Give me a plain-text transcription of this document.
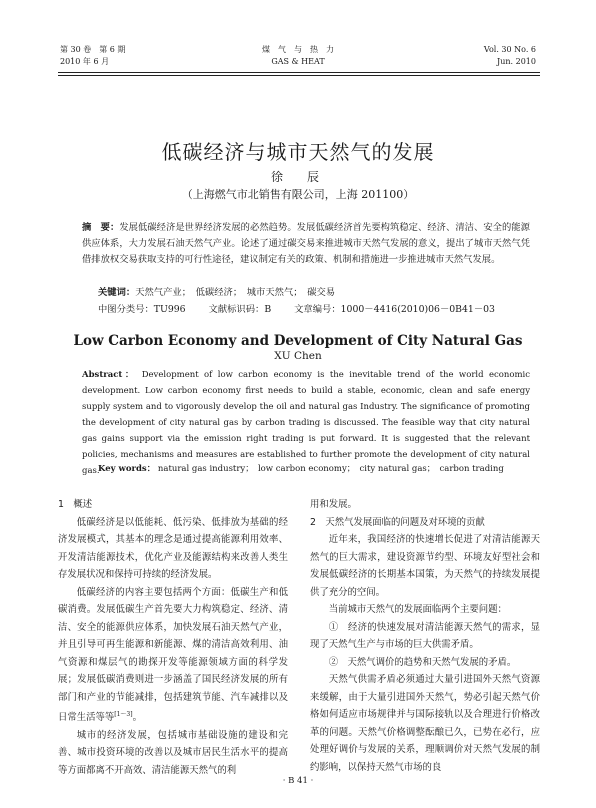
第 30 卷　第 6 期
2010 年 6 月
煤　气　与　热　力
GAS & HEAT
Vol. 30 No. 6
Jun. 2010
低碳经济与城市天然气的发展
徐　辰
（上海燃气市北销售有限公司，上海 201100）
摘　要：发展低碳经济是世界经济发展的必然趋势。发展低碳经济首先要构筑稳定、经济、清洁、安全的能源供应体系，大力发展石油天然气产业。论述了通过碳交易来推进城市天然气发展的意义，提出了城市天然气凭借排放权交易获取支持的可行性途径，建议制定有关的政策、机制和措施进一步推进城市天然气发展。
关键词：天然气产业；　低碳经济；　城市天然气；　碳交易
中图分类号：TU996 文献标识码：B 文章编号：1000－4416(2010)06－0B41－03
Low Carbon Economy and Development of City Natural Gas
XU Chen
Abstract： Development of low carbon economy is the inevitable trend of the world economic development. Low carbon economy first needs to build a stable, economic, clean and safe energy supply system and to vigorously develop the oil and natural gas Industry. The significance of promoting the development of city natural gas by carbon trading is discussed. The feasible way that city natural gas gains support via the emission right trading is put forward. It is suggested that the relevant policies, mechanisms and measures are established to further promote the development of city natural gas.
Key words： natural gas industry；　low carbon economy；　city natural gas；　carbon trading

1　概述

低碳经济是以低能耗、低污染、低排放为基础的经济发展模式，其基本的理念是通过提高能源利用效率、开发清洁能源技术，优化产业及能源结构来改善人类生存发展状况和保持可持续的经济发展。

低碳经济的内容主要包括两个方面：低碳生产和低碳消费。发展低碳生产首先要大力构筑稳定、经济、清洁、安全的能源供应体系，加快发展石油天然气产业，并且引导可再生能源和新能源、煤的清洁高效利用、油气资源和煤层气的勘探开发等能源领域方面的科学发展；发展低碳消费则进一步涵盖了国民经济发展的所有部门和产业的节能减排，包括建筑节能、汽车减排以及日常生活等等[1～3]。

城市的经济发展，包括城市基础设施的建设和完善、城市投资环境的改善以及城市居民生活水平的提高等方面都离不开高效、清洁能源天然气的利

用和发展。

2　天然气发展面临的问题及对环境的贡献

近年来，我国经济的快速增长促进了对清洁能源天然气的巨大需求，建设资源节约型、环境友好型社会和发展低碳经济的长期基本国策，为天然气的持续发展提供了充分的空间。

当前城市天然气的发展面临两个主要问题：

①　经济的快速发展对清洁能源天然气的需求，显现了天然气生产与市场的巨大供需矛盾。

②　天然气调价的趋势和天然气发展的矛盾。

天然气供需矛盾必须通过大量引进国外天然气资源来缓解，由于大量引进国外天然气，势必引起天然气价格如何适应市场规律并与国际接轨以及合理进行价格改革的问题。天然气价格调整酝酿已久，已势在必行，应处理好调价与发展的关系，理顺调价对天然气发展的制约影响，以保持天然气市场的良

· B 41 ·
